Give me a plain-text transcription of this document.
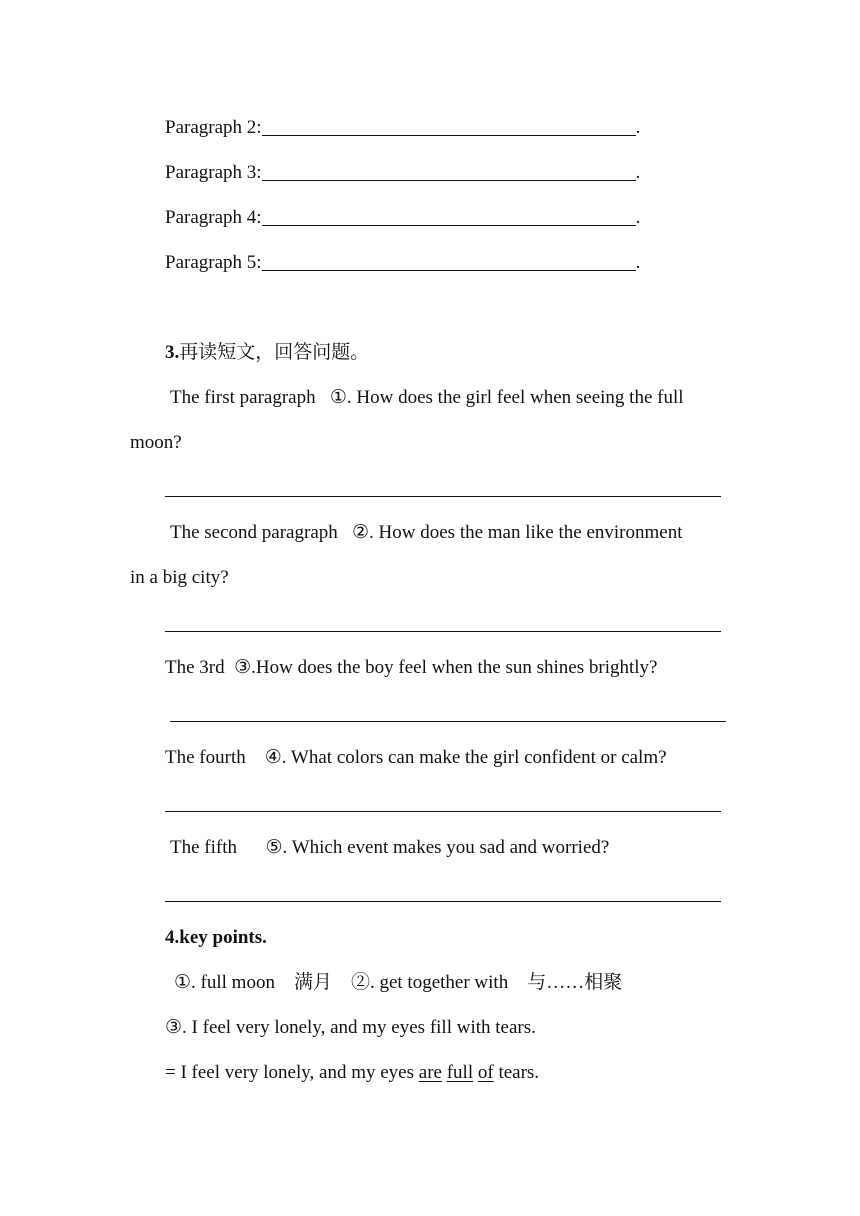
Paragraph 2:	.
Paragraph 3:	.
Paragraph 4:	.
Paragraph 5:	.
3.再读短文，回答问题。
The first paragraph ①. How does the girl feel when seeing the full
moon?
The second paragraph ②. How does the man like the environment
in a big city?
The 3rd ③.How does the boy feel when the sun shines brightly?
The fourth ④. What colors can make the girl confident or calm?
The fifth ⑤. Which event makes you sad and worried?
4.key points.
①. full moon 满月 ②. get together with 与……相聚
③. I feel very lonely, and my eyes fill with tears.
= I feel very lonely, and my eyes are full of tears.
